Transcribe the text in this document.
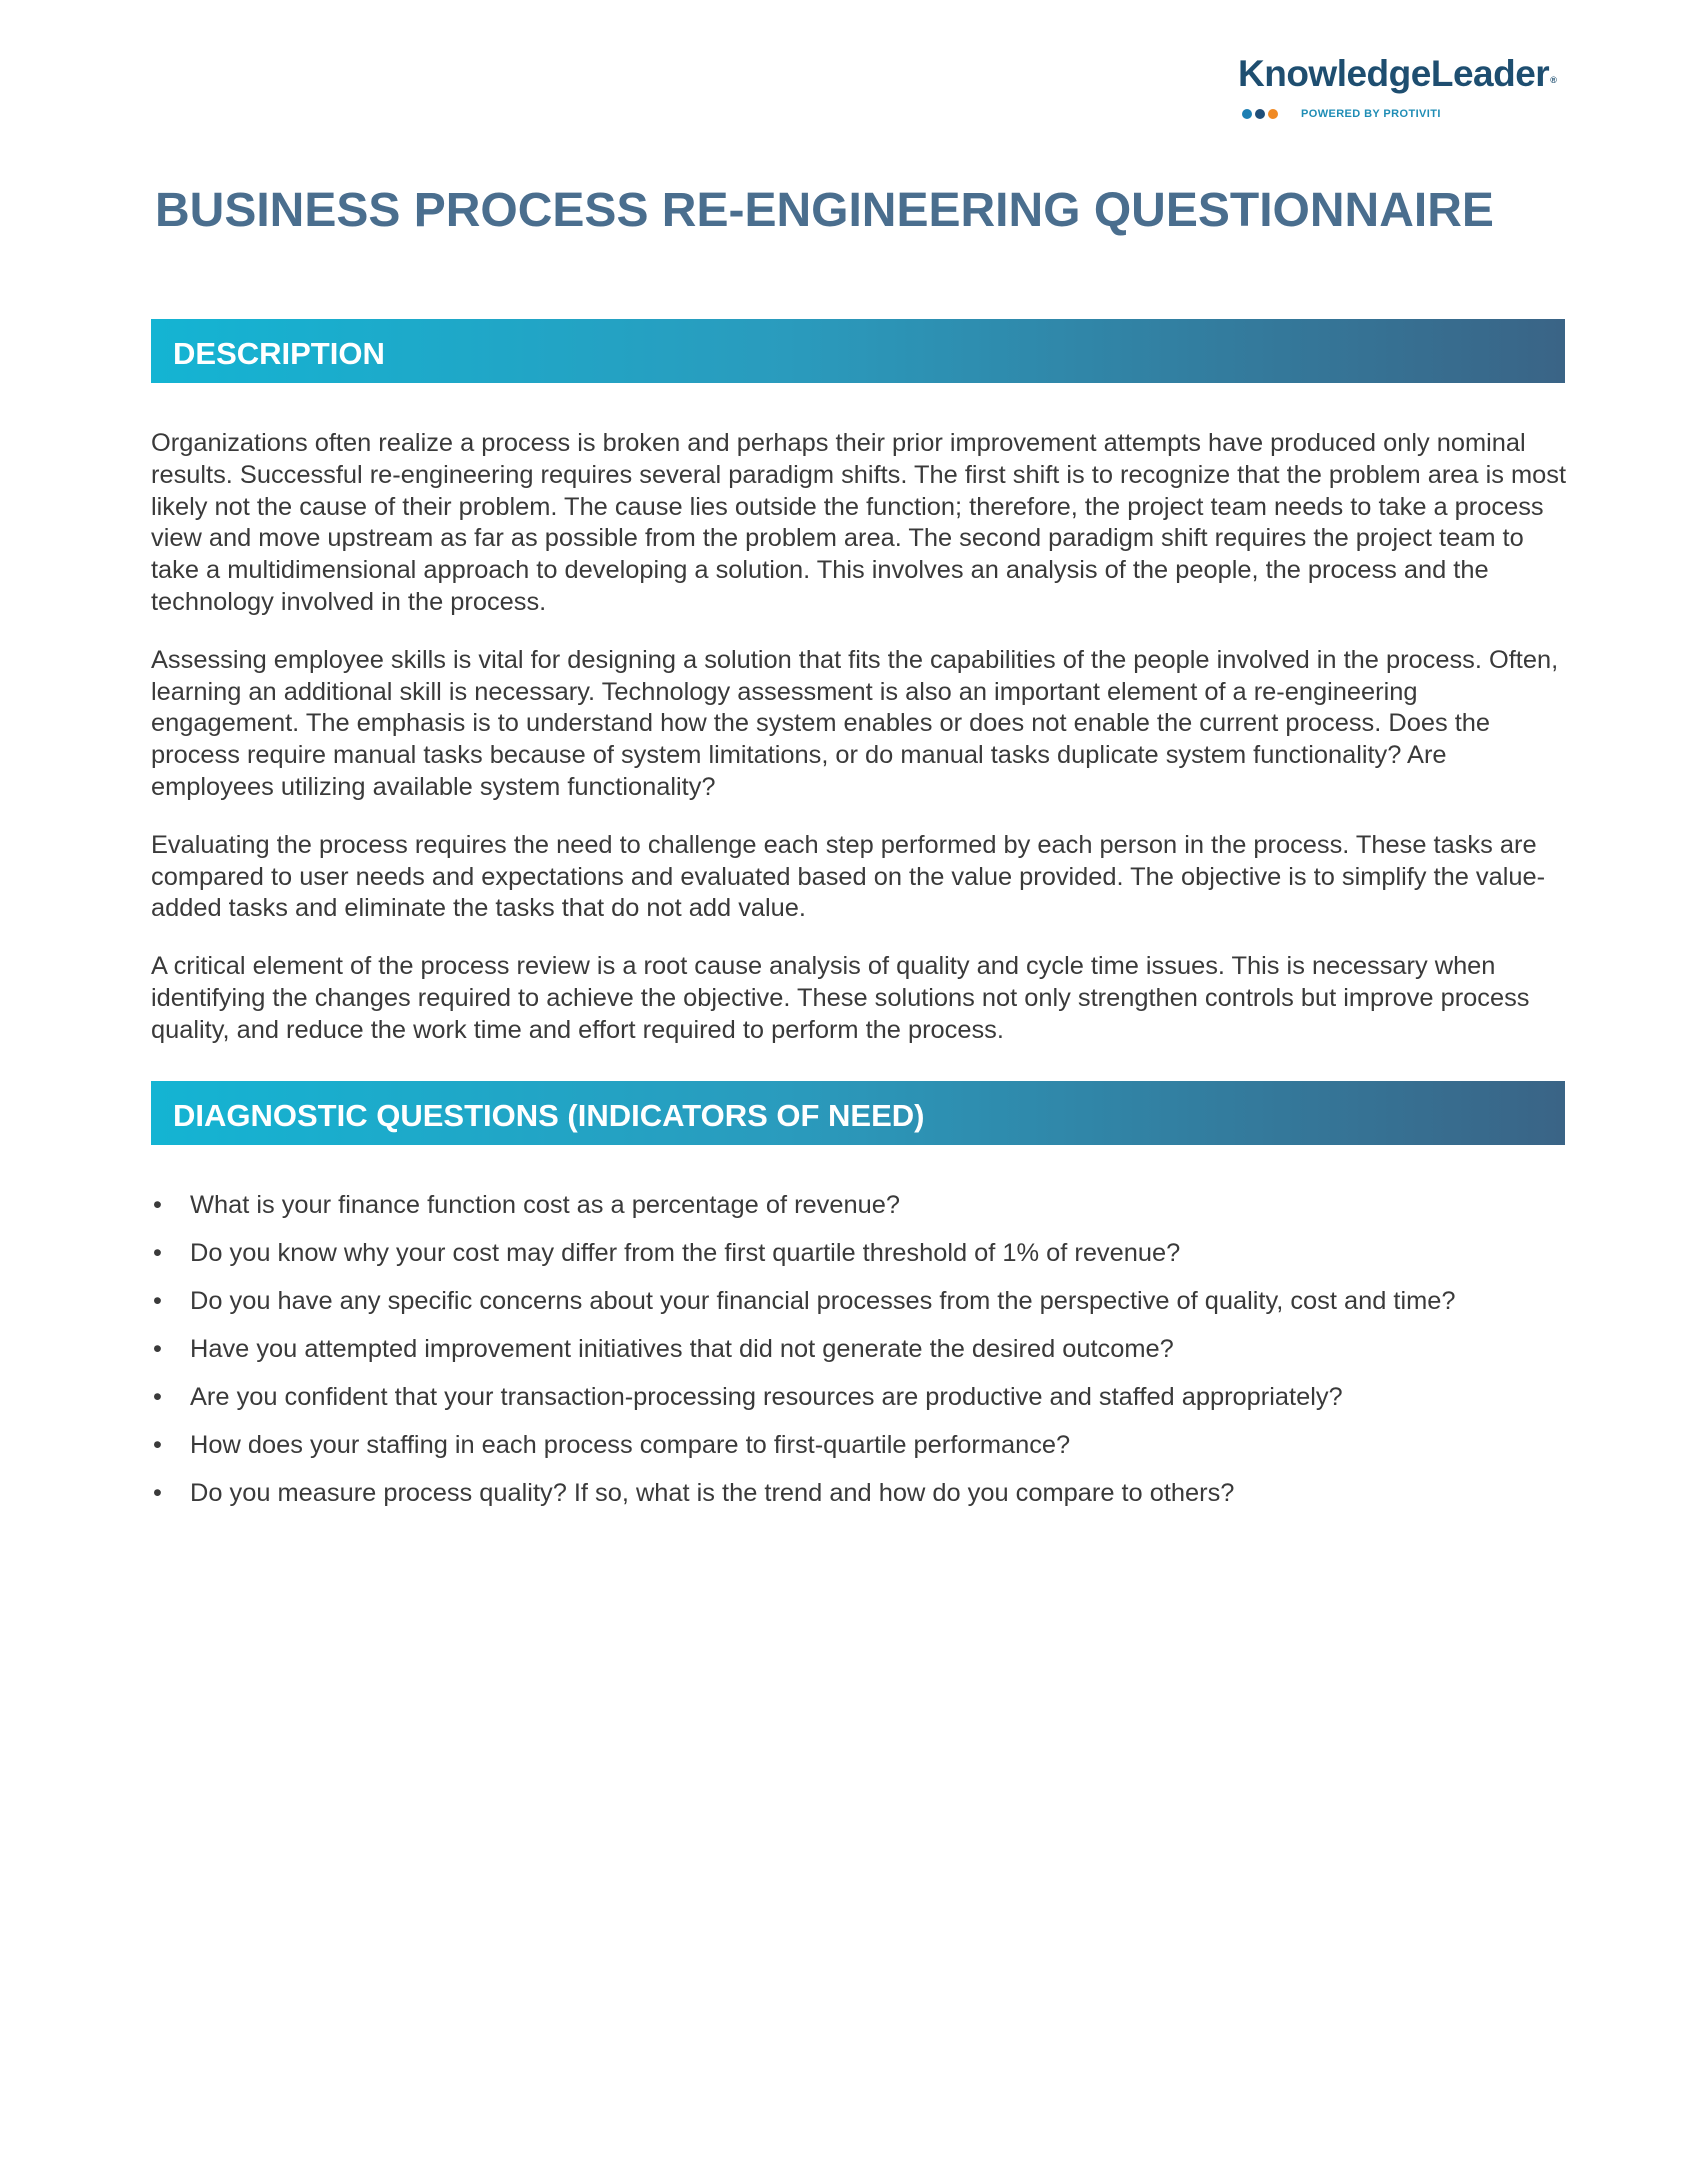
KnowledgeLeader®
POWERED BY PROTIVITI
BUSINESS PROCESS RE-ENGINEERING QUESTIONNAIRE
DESCRIPTION

Organizations often realize a process is broken and perhaps their prior improvement attempts have produced only nominal results. Successful re-engineering requires several paradigm shifts. The first shift is to recognize that the problem area is most likely not the cause of their problem. The cause lies outside the function; therefore, the project team needs to take a process view and move upstream as far as possible from the problem area. The second paradigm shift requires the project team to take a multidimensional approach to developing a solution. This involves an analysis of the people, the process and the technology involved in the process.

Assessing employee skills is vital for designing a solution that fits the capabilities of the people involved in the process. Often, learning an additional skill is necessary. Technology assessment is also an important element of a re-engineering engagement. The emphasis is to understand how the system enables or does not enable the current process. Does the process require manual tasks because of system limitations, or do manual tasks duplicate system functionality? Are employees utilizing available system functionality?

Evaluating the process requires the need to challenge each step performed by each person in the process. These tasks are compared to user needs and expectations and evaluated based on the value provided. The objective is to simplify the value-added tasks and eliminate the tasks that do not add value.

A critical element of the process review is a root cause analysis of quality and cycle time issues. This is necessary when identifying the changes required to achieve the objective. These solutions not only strengthen controls but improve process quality, and reduce the work time and effort required to perform the process.

DIAGNOSTIC QUESTIONS (INDICATORS OF NEED)
• What is your finance function cost as a percentage of revenue?
• Do you know why your cost may differ from the first quartile threshold of 1% of revenue?
• Do you have any specific concerns about your financial processes from the perspective of quality, cost and time?
• Have you attempted improvement initiatives that did not generate the desired outcome?
• Are you confident that your transaction-processing resources are productive and staffed appropriately?
• How does your staffing in each process compare to first-quartile performance?
• Do you measure process quality? If so, what is the trend and how do you compare to others?
